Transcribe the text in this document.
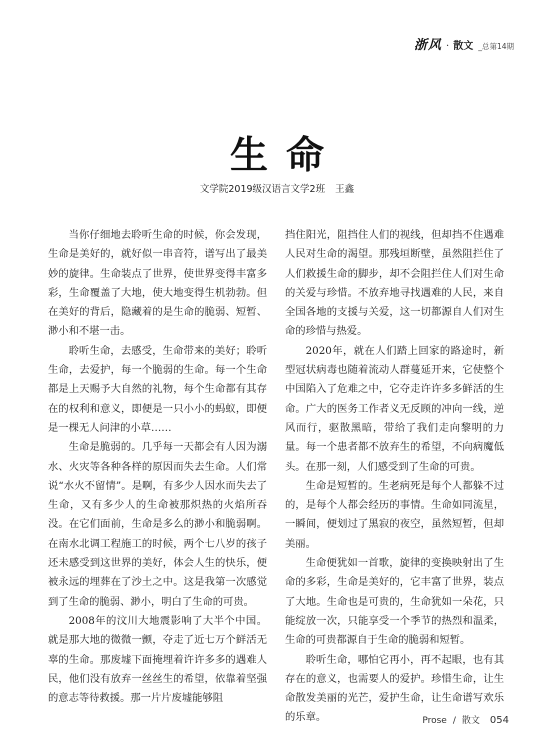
浙风 · 散文 _总第14期
生命
文学院2019级汉语言文学2班 王鑫

当你仔细地去聆听生命的时候，你会发现，生命是美好的，就好似一串音符，谱写出了最美妙的旋律。生命装点了世界，使世界变得丰富多彩，生命覆盖了大地，使大地变得生机勃勃。但在美好的背后，隐藏着的是生命的脆弱、短暂、渺小和不堪一击。

聆听生命，去感受，生命带来的美好；聆听生命，去爱护，每一个脆弱的生命。每一个生命都是上天赐予大自然的礼物，每个生命都有其存在的权利和意义，即便是一只小小的蚂蚁，即便是一棵无人问津的小草……

生命是脆弱的。几乎每一天都会有人因为溺水、火灾等各种各样的原因而失去生命。人们常说“水火不留情”。是啊，有多少人因水而失去了生命，又有多少人的生命被那炽热的火焰所吞没。在它们面前，生命是多么的渺小和脆弱啊。在南水北调工程施工的时候，两个七八岁的孩子还未感受到这世界的美好，体会人生的快乐，便被永远的埋葬在了沙土之中。这是我第一次感觉到了生命的脆弱、渺小，明白了生命的可贵。

2008年的汶川大地震影响了大半个中国。就是那大地的微微一颤，夺走了近七万个鲜活无辜的生命。那废墟下面掩埋着许许多多的遇难人民，他们没有放弃一丝丝生的希望，依靠着坚强的意志等待救援。那一片片废墟能够阻

挡住阳光，阻挡住人们的视线，但却挡不住遇难人民对生命的渴望。那残垣断壁，虽然阻拦住了人们救援生命的脚步，却不会阻拦住人们对生命的关爱与珍惜。不放弃地寻找遇难的人民，来自全国各地的支援与关爱，这一切都源自人们对生命的珍惜与热爱。

2020年，就在人们踏上回家的路途时，新型冠状病毒也随着流动人群蔓延开来，它使整个中国陷入了危难之中，它夺走许许多多鲜活的生命。广大的医务工作者义无反顾的冲向一线，逆风而行，驱散黑暗，带给了我们走向黎明的力量。每一个患者都不放弃生的希望，不向病魔低头。在那一刻，人们感受到了生命的可贵。

生命是短暂的。生老病死是每个人都躲不过的，是每个人都会经历的事情。生命如同流星，一瞬间，便划过了黑寂的夜空，虽然短暂，但却美丽。

生命便犹如一首歌，旋律的变换映射出了生命的多彩，生命是美好的，它丰富了世界，装点了大地。生命也是可贵的，生命犹如一朵花，只能绽放一次，只能享受一个季节的热烈和温柔，生命的可贵都源自于生命的脆弱和短暂。

聆听生命，哪怕它再小，再不起眼，也有其存在的意义，也需要人的爱护。珍惜生命，让生命散发美丽的光芒，爱护生命，让生命谱写欢乐的乐章。	Prose / 散文 054
